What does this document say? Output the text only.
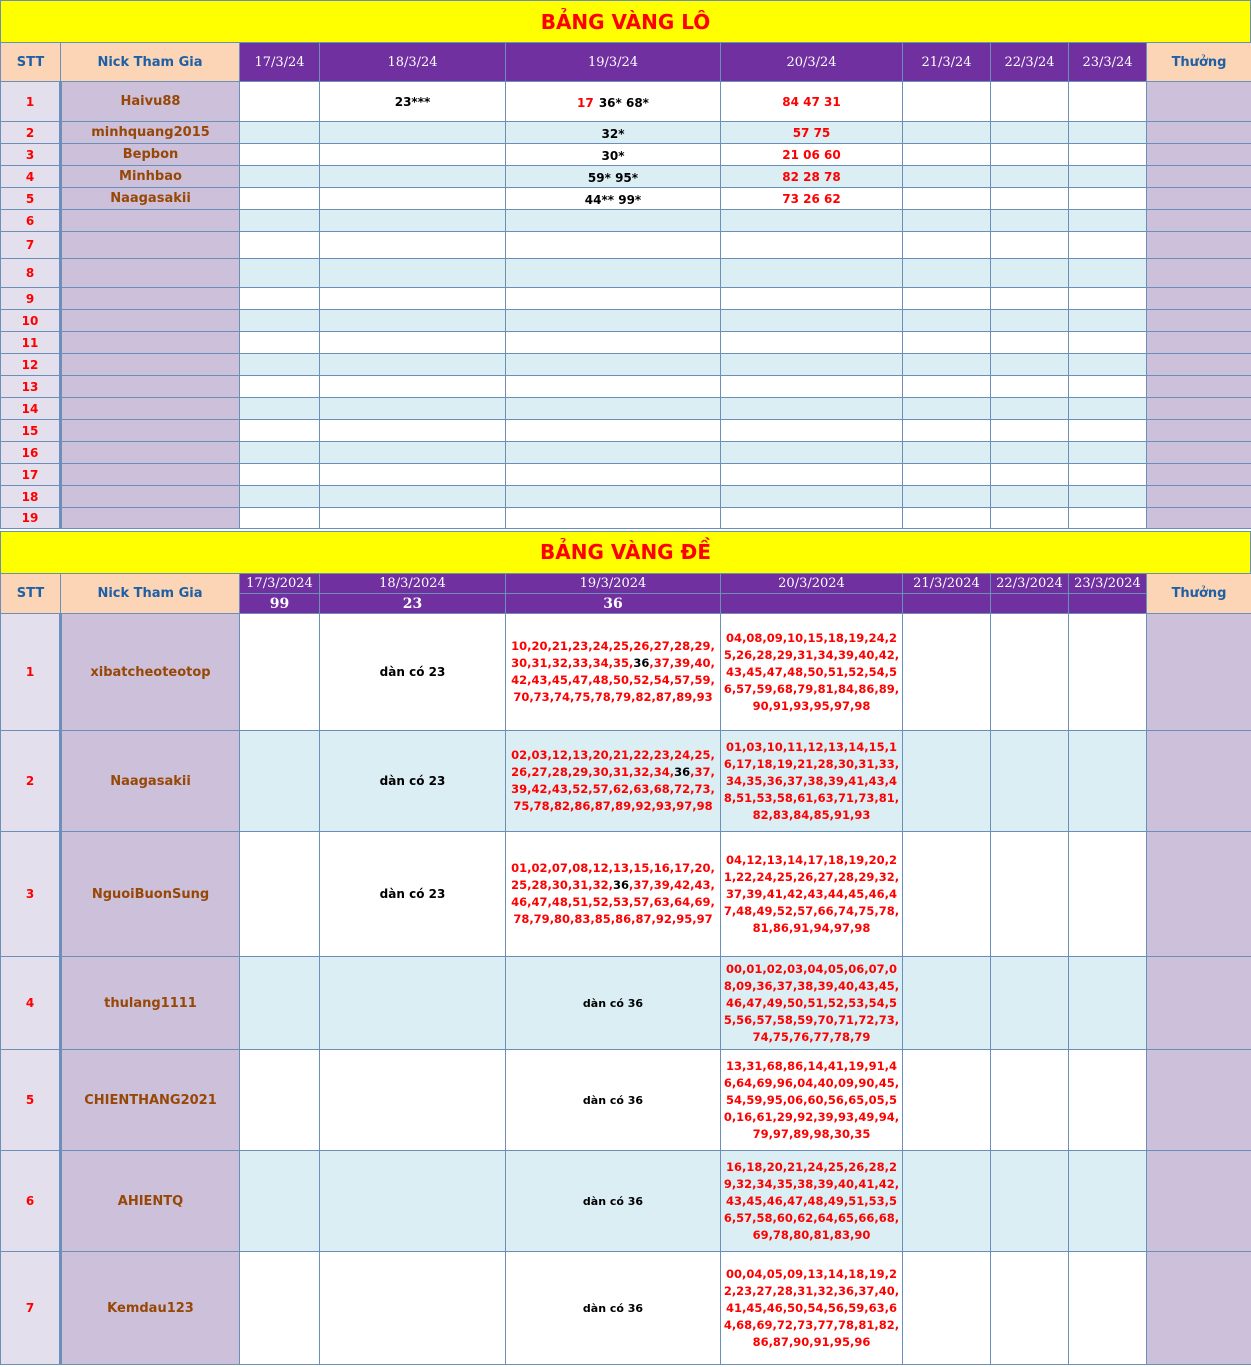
BẢNG VÀNG LÔ
STT	Nick Tham Gia	17/3/24	18/3/24	19/3/24	20/3/24	21/3/24	22/3/24	23/3/24	Thưởng
1	Haivu88		23***	17 36* 68*	84 47 31				
2	minhquang2015			32*	57 75				
3	Bepbon			30*	21 06 60				
4	Minhbao			59* 95*	82 28 78				
5	Naagasakii			44** 99*	73 26 62				
6									
7									
8									
9									
10									
11									
12									
13									
14									
15									
16									
17									
18									
19									
BẢNG VÀNG ĐỀ
STT	Nick Tham Gia	17/3/2024	18/3/2024	19/3/2024	20/3/2024	21/3/2024	22/3/2024	23/3/2024	Thưởng
		99	23	36					
1	xibatcheoteotop		dàn có 23	10,20,21,23,24,25,26,27,28,29,30,31,32,33,34,35,36,37,39,40,42,43,45,47,48,50,52,54,57,59,70,73,74,75,78,79,82,87,89,93	04,08,09,10,15,18,19,24,25,26,28,29,31,34,39,40,42,43,45,47,48,50,51,52,54,56,57,59,68,79,81,84,86,89,90,91,93,95,97,98				
2	Naagasakii		dàn có 23	02,03,12,13,20,21,22,23,24,25,26,27,28,29,30,31,32,34,36,37,39,42,43,52,57,62,63,68,72,73,75,78,82,86,87,89,92,93,97,98	01,03,10,11,12,13,14,15,16,17,18,19,21,28,30,31,33,34,35,36,37,38,39,41,43,48,51,53,58,61,63,71,73,81,82,83,84,85,91,93				
3	NguoiBuonSung		dàn có 23	01,02,07,08,12,13,15,16,17,20,25,28,30,31,32,36,37,39,42,43,46,47,48,51,52,53,57,63,64,69,78,79,80,83,85,86,87,92,95,97	04,12,13,14,17,18,19,20,21,22,24,25,26,27,28,29,32,37,39,41,42,43,44,45,46,47,48,49,52,57,66,74,75,78,81,86,91,94,97,98				
4	thulang1111			dàn có 36	00,01,02,03,04,05,06,07,08,09,36,37,38,39,40,43,45,46,47,49,50,51,52,53,54,55,56,57,58,59,70,71,72,73,74,75,76,77,78,79				
5	CHIENTHANG2021			dàn có 36	13,31,68,86,14,41,19,91,46,64,69,96,04,40,09,90,45,54,59,95,06,60,56,65,05,50,16,61,29,92,39,93,49,94,79,97,89,98,30,35				
6	AHIENTQ			dàn có 36	16,18,20,21,24,25,26,28,29,32,34,35,38,39,40,41,42,43,45,46,47,48,49,51,53,56,57,58,60,62,64,65,66,68,69,78,80,81,83,90				
7	Kemdau123			dàn có 36	00,04,05,09,13,14,18,19,22,23,27,28,31,32,36,37,40,41,45,46,50,54,56,59,63,64,68,69,72,73,77,78,81,82,86,87,90,91,95,96				
